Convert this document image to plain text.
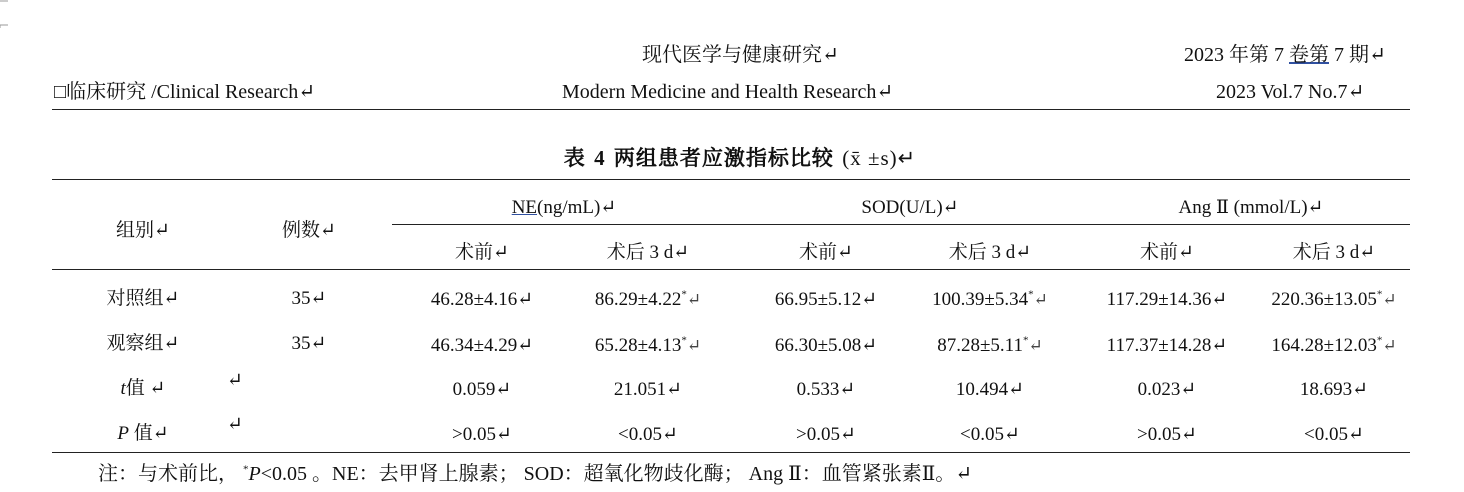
现代医学与健康研究↵	2023 年第 7 卷第 7 期↵
□临床研究 /Clinical Research↵	Modern Medicine and Health Research↵	2023 Vol.7 No.7↵
表 4 两组患者应激指标比较 (x̄ ±s)↵
组别↵	例数↵
NE(ng/mL)↵	SOD(U/L)↵	Ang Ⅱ (mmol/L)↵
术前↵	术后 3 d↵	术前↵	术后 3 d↵	术前↵	术后 3 d↵
对照组↵	35↵	46.28±4.16↵	86.29±4.22*↵	66.95±5.12↵	100.39±5.34*↵	117.29±14.36↵ 220.36±13.05*↵
观察组↵	35↵	46.34±4.29↵	65.28±4.13*↵	66.30±5.08↵	87.28±5.11*↵	117.37±14.28↵ 164.28±12.03*↵
t值 ↵	↵	0.059↵	21.051↵	0.533↵	10.494↵	0.023↵	18.693↵
P 值↵	↵	>0.05↵	<0.05↵	>0.05↵	<0.05↵	>0.05↵	<0.05↵
注：与术前比， *P<0.05 。NE：去甲肾上腺素； SOD：超氧化物歧化酶； Ang Ⅱ：血管紧张素Ⅱ。↵
